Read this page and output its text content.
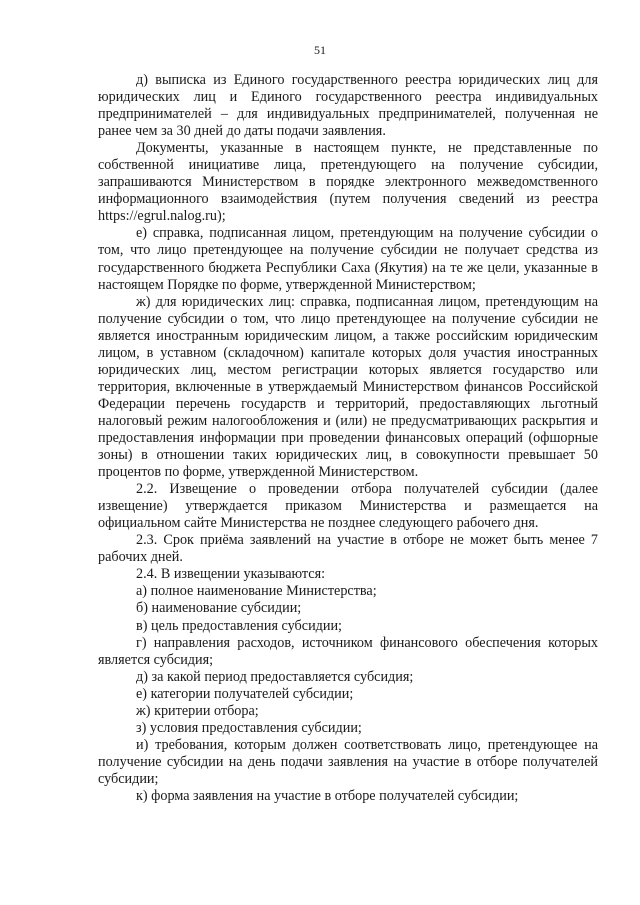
51

д) выписка из Единого государственного реестра юридических лиц для юридических лиц и Единого государственного реестра индивидуальных предпринимателей – для индивидуальных предпринимателей, полученная не ранее чем за 30 дней до даты подачи заявления.

Документы, указанные в настоящем пункте, не представленные по собственной инициативе лица, претендующего на получение субсидии, запрашиваются Министерством в порядке электронного межведомственного информационного взаимодействия (путем получения сведений из реестра https://egrul.nalog.ru);

е) справка, подписанная лицом, претендующим на получение субсидии о том, что лицо претендующее на получение субсидии не получает средства из государственного бюджета Республики Саха (Якутия) на те же цели, указанные в настоящем Порядке по форме, утвержденной Министерством;

ж) для юридических лиц: справка, подписанная лицом, претендующим на получение субсидии о том, что лицо претендующее на получение субсидии не является иностранным юридическим лицом, а также российским юридическим лицом, в уставном (складочном) капитале которых доля участия иностранных юридических лиц, местом регистрации которых является государство или территория, включенные в утверждаемый Министерством финансов Российской Федерации перечень государств и территорий, предоставляющих льготный налоговый режим налогообложения и (или) не предусматривающих раскрытия и предоставления информации при проведении финансовых операций (офшорные зоны) в отношении таких юридических лиц, в совокупности превышает 50 процентов по форме, утвержденной Министерством.

2.2. Извещение о проведении отбора получателей субсидии (далее извещение) утверждается приказом Министерства и размещается на официальном сайте Министерства не позднее следующего рабочего дня.

2.3. Срок приёма заявлений на участие в отборе не может быть менее 7 рабочих дней.

2.4. В извещении указываются:

а) полное наименование Министерства;

б) наименование субсидии;

в) цель предоставления субсидии;

г) направления расходов, источником финансового обеспечения которых является субсидия;

д) за какой период предоставляется субсидия;

е) категории получателей субсидии;

ж) критерии отбора;

з) условия предоставления субсидии;

и) требования, которым должен соответствовать лицо, претендующее на получение субсидии на день подачи заявления на участие в отборе получателей субсидии;

к) форма заявления на участие в отборе получателей субсидии;
